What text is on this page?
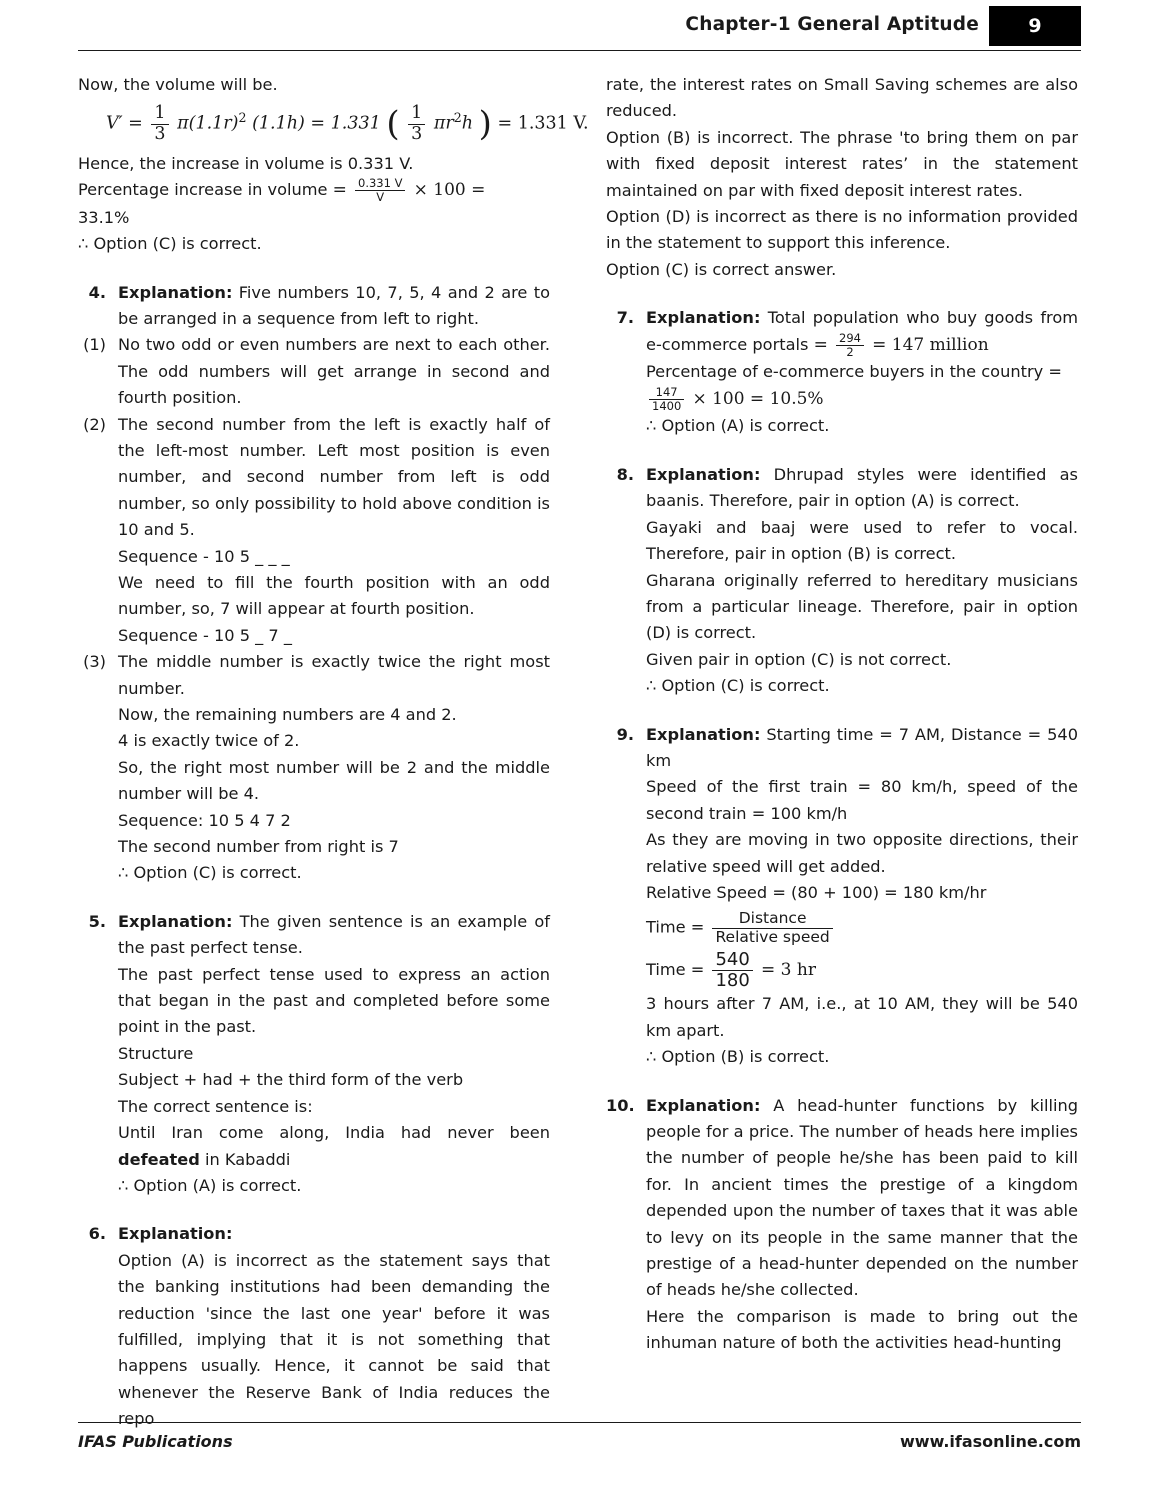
Chapter-1 General Aptitude	9
Now, the volume will be.
$V' = \frac{1}{3} \pi(1.1r)^2$ (1.1h) = 1.331 ( $\frac{1}{3} \pi r^2h$ ) = 1.331 V.
Hence, the increase in volume is 0.331 V.
Percentage increase in volume = $\frac{0.331 V}{V} \times 100$ =
33.1%
∴ Option (C) is correct.
4. Explanation: Five numbers 10, 7, 5, 4 and 2 are to be arranged in a sequence from left to right.
(1) No two odd or even numbers are next to each other. The odd numbers will get arrange in second and fourth position.
(2) The second number from the left is exactly half of the left-most number. Left most position is even number, and second number from left is odd number, so only possibility to hold above condition is 10 and 5.
Sequence - 10 5 _ _ _
We need to fill the fourth position with an odd number, so, 7 will appear at fourth position.
Sequence - 10 5 _ 7 _
(3) The middle number is exactly twice the right most number.
Now, the remaining numbers are 4 and 2.
4 is exactly twice of 2.
So, the right most number will be 2 and the middle number will be 4.
Sequence: 10 5 4 7 2
The second number from right is 7
∴ Option (C) is correct.
5. Explanation: The given sentence is an example of the past perfect tense.
The past perfect tense used to express an action that began in the past and completed before some point in the past.
Structure
Subject + had + the third form of the verb
The correct sentence is:
Until Iran come along, India had never been defeated in Kabaddi
∴ Option (A) is correct.
6. Explanation:
Option (A) is incorrect as the statement says that the banking institutions had been demanding the reduction 'since the last one year' before it was fulfilled, implying that it is not something that happens usually. Hence, it cannot be said that whenever the Reserve Bank of India reduces the repo
rate, the interest rates on Small Saving schemes are also reduced.
Option (B) is incorrect. The phrase 'to bring them on par with fixed deposit interest rates’ in the statement maintained on par with fixed deposit interest rates.
Option (D) is incorrect as there is no information provided in the statement to support this inference.
Option (C) is correct answer.
7. Explanation: Total population who buy goods from e-commerce portals = $\frac{294}{2} = 147$ million
Percentage of e-commerce buyers in the country =
$\frac{147}{1400} \times 100 = 10.5\%$
∴ Option (A) is correct.
8. Explanation: Dhrupad styles were identified as baanis. Therefore, pair in option (A) is correct.
Gayaki and baaj were used to refer to vocal. Therefore, pair in option (B) is correct.
Gharana originally referred to hereditary musicians from a particular lineage. Therefore, pair in option (D) is correct.
Given pair in option (C) is not correct.
∴ Option (C) is correct.
9. Explanation: Starting time = 7 AM, Distance = 540 km
Speed of the first train = 80 km/h, speed of the second train = 100 km/h
As they are moving in two opposite directions, their relative speed will get added.
Relative Speed = (80 + 100) = 180 km/hr
Time = $\frac{\text{Distance}}{\text{Relative speed}}$
Time = $\frac{540}{180} = 3$ hr
3 hours after 7 AM, i.e., at 10 AM, they will be 540 km apart.
∴ Option (B) is correct.
10. Explanation: A head-hunter functions by killing people for a price. The number of heads here implies the number of people he/she has been paid to kill for. In ancient times the prestige of a kingdom depended upon the number of taxes that it was able to levy on its people in the same manner that the prestige of a head-hunter depended on the number of heads he/she collected.
Here the comparison is made to bring out the inhuman nature of both the activities head-hunting
IFAS Publications	www.ifasonline.com
